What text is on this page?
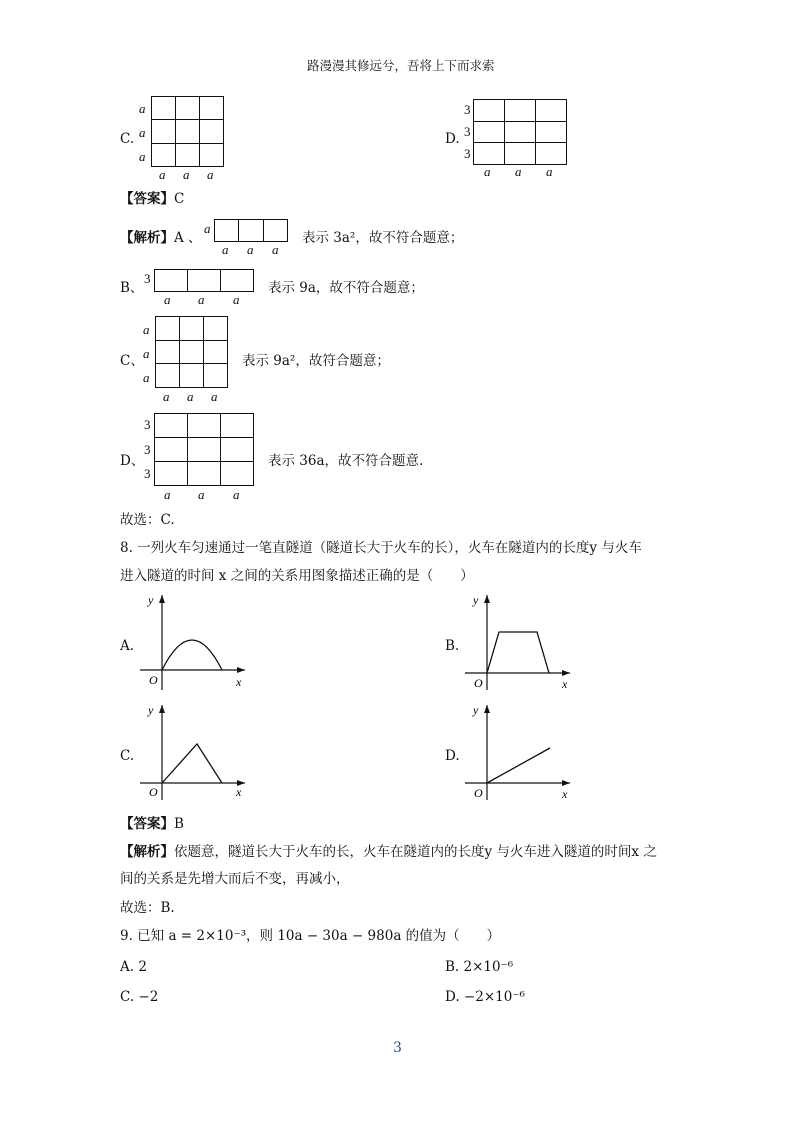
路漫漫其修远兮，吾将上下而求索
C.
a
a
a

a a a
D.
3
3
3

a a a
【答案】C
【解析】A 、
a

a a a
表示 3a²，故不符合题意；
B、
3

a a a
表示 9a，故不符合题意；
C、
a
a
a

a a a
表示 9a²，故符合题意；
D、
3
3
3

a a a
表示 36a，故不符合题意.
故选：C.
8. 一列火车匀速通过一笔直隧道（隧道长大于火车的长），火车在隧道内的长度y 与火车
进入隧道的时间 x 之间的关系用图象描述正确的是（　　）
A.
y
x
O
B.
y
x
O
C.
y
x
O
D.
y
x
O
【答案】B
【解析】依题意，隧道长大于火车的长，火车在隧道内的长度y 与火车进入隧道的时间x 之
间的关系是先增大而后不变，再减小，
故选：B.
9. 已知 a = 2×10⁻³，则 10a − 30a − 980a 的值为（　　）
A. 2	B. 2×10⁻⁶
C. −2	D. −2×10⁻⁶
3
